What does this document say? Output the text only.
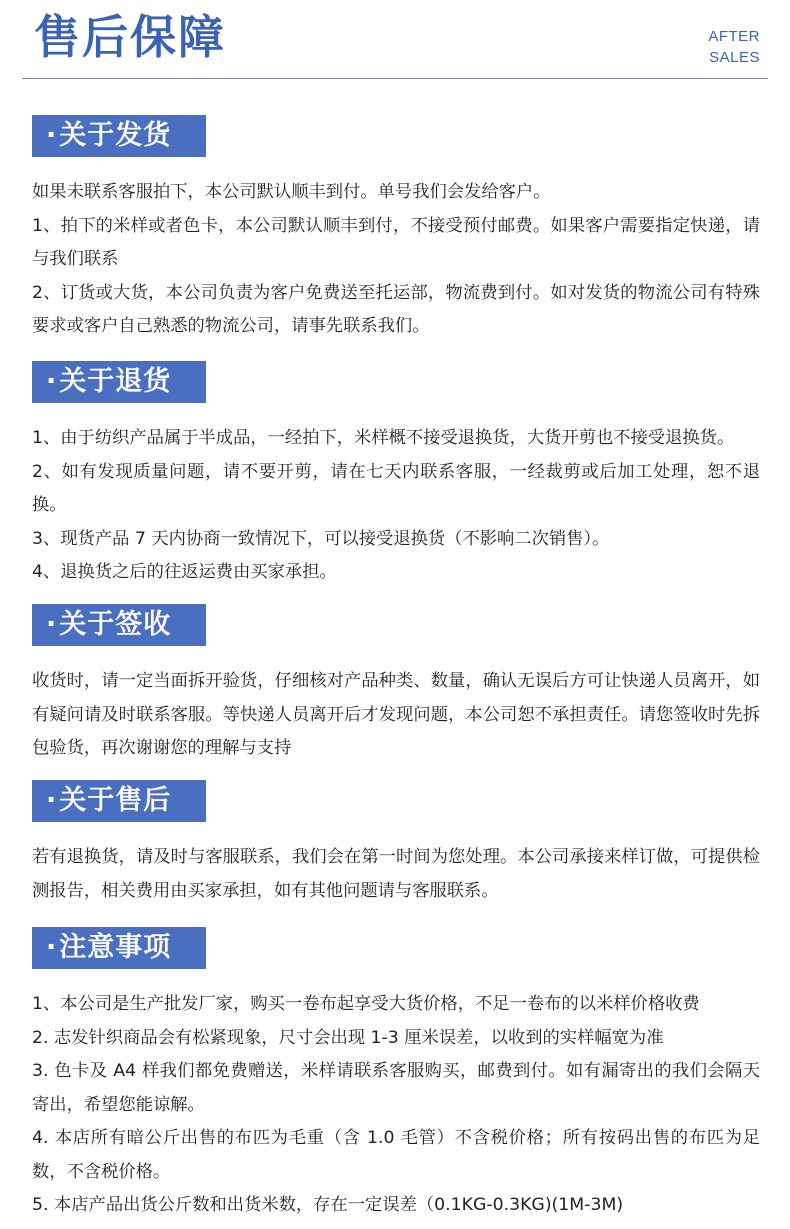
售后保障	AFTER
SALES
·关于发货

如果未联系客服拍下，本公司默认顺丰到付。单号我们会发给客户。

1、拍下的米样或者色卡，本公司默认顺丰到付，不接受预付邮费。如果客户需要指定快递，请与我们联系

2、订货或大货，本公司负责为客户免费送至托运部，物流费到付。如对发货的物流公司有特殊要求或客户自己熟悉的物流公司，请事先联系我们。

·关于退货

1、由于纺织产品属于半成品，一经拍下，米样概不接受退换货，大货开剪也不接受退换货。

2、如有发现质量问题，请不要开剪，请在七天内联系客服，一经裁剪或后加工处理，恕不退换。

3、现货产品 7 天内协商一致情况下，可以接受退换货（不影响二次销售）。

4、退换货之后的往返运费由买家承担。

·关于签收

收货时，请一定当面拆开验货，仔细核对产品种类、数量，确认无误后方可让快递人员离开，如有疑问请及时联系客服。等快递人员离开后才发现问题，本公司恕不承担责任。请您签收时先拆包验货，再次谢谢您的理解与支持

·关于售后

若有退换货，请及时与客服联系，我们会在第一时间为您处理。本公司承接来样订做，可提供检测报告，相关费用由买家承担，如有其他问题请与客服联系。

·注意事项

1、本公司是生产批发厂家，购买一卷布起享受大货价格，不足一卷布的以米样价格收费

2. 志发针织商品会有松紧现象，尺寸会出现 1-3 厘米误差，以收到的实样幅宽为准

3. 色卡及 A4 样我们都免费赠送，米样请联系客服购买，邮费到付。如有漏寄出的我们会隔天寄出，希望您能谅解。

4. 本店所有暗公斤出售的布匹为毛重（含 1.0 毛管）不含税价格；所有按码出售的布匹为足数，不含税价格。

5. 本店产品出货公斤数和出货米数，存在一定误差（0.1KG-0.3KG)(1M-3M)
